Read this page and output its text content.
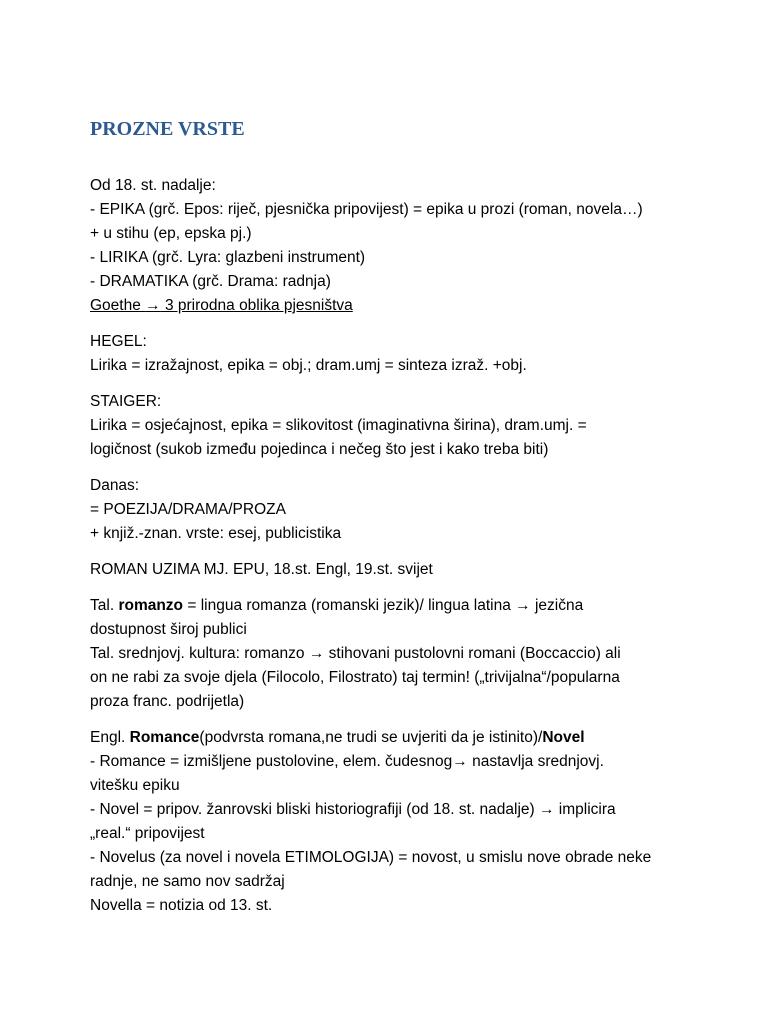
PROZNE VRSTE
Od 18. st. nadalje:
- EPIKA (grč. Epos: riječ, pjesnička pripovijest) = epika u prozi (roman, novela…)
+ u stihu (ep, epska pj.)
- LIRIKA (grč. Lyra: glazbeni instrument)
- DRAMATIKA (grč. Drama: radnja)
Goethe → 3 prirodna oblika pjesništva
HEGEL:
Lirika = izražajnost, epika = obj.; dram.umj = sinteza izraž. +obj.
STAIGER:
Lirika = osjećajnost, epika = slikovitost (imaginativna širina), dram.umj. =
logičnost (sukob između pojedinca i nečeg što jest i kako treba biti)
Danas:
= POEZIJA/DRAMA/PROZA
+ knjiž.-znan. vrste: esej, publicistika
ROMAN UZIMA MJ. EPU, 18.st. Engl, 19.st. svijet
Tal. romanzo = lingua romanza (romanski jezik)/ lingua latina → jezična
dostupnost široj publici
Tal. srednjovj. kultura: romanzo → stihovani pustolovni romani (Boccaccio) ali
on ne rabi za svoje djela (Filocolo, Filostrato) taj termin! („trivijalna“/popularna
proza franc. podrijetla)
Engl. Romance(podvrsta romana,ne trudi se uvjeriti da je istinito)/Novel
- Romance = izmišljene pustolovine, elem. čudesnog→ nastavlja srednjovj.
vitešku epiku
- Novel = pripov. žanrovski bliski historiografiji (od 18. st. nadalje) → implicira
„real.“ pripovijest
- Novelus (za novel i novela ETIMOLOGIJA) = novost, u smislu nove obrade neke
radnje, ne samo nov sadržaj
Novella = notizia od 13. st.
